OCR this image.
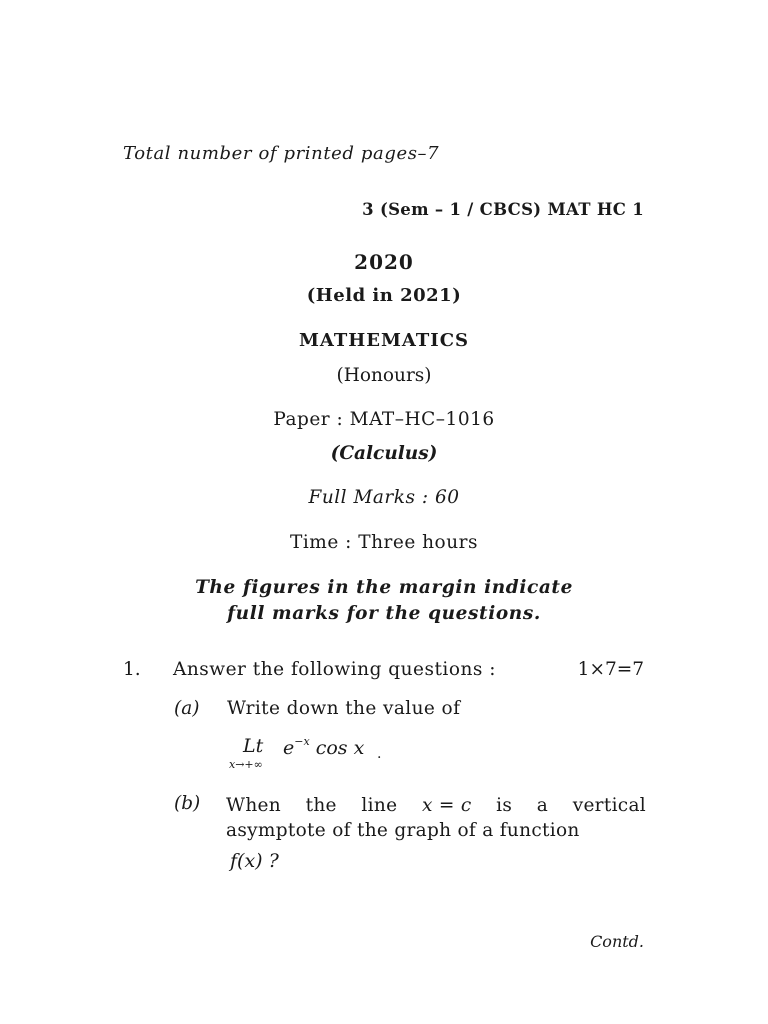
Total number of printed pages–7
3 (Sem – 1 / CBCS) MAT HC 1
2020
(Held in 2021)
MATHEMATICS
(Honours)
Paper : MAT–HC–1016
(Calculus)
Full Marks : 60
Time : Three hours
The figures in the margin indicate
full marks for the questions.
1. Answer the following questions :	1×7=7
(a) Write down the value of
Lt
x→+∞
$e^{-x}$ cos x .
(b) When the line x = c is a vertical
asymptote of the graph of a function
f(x) ?
Contd.
